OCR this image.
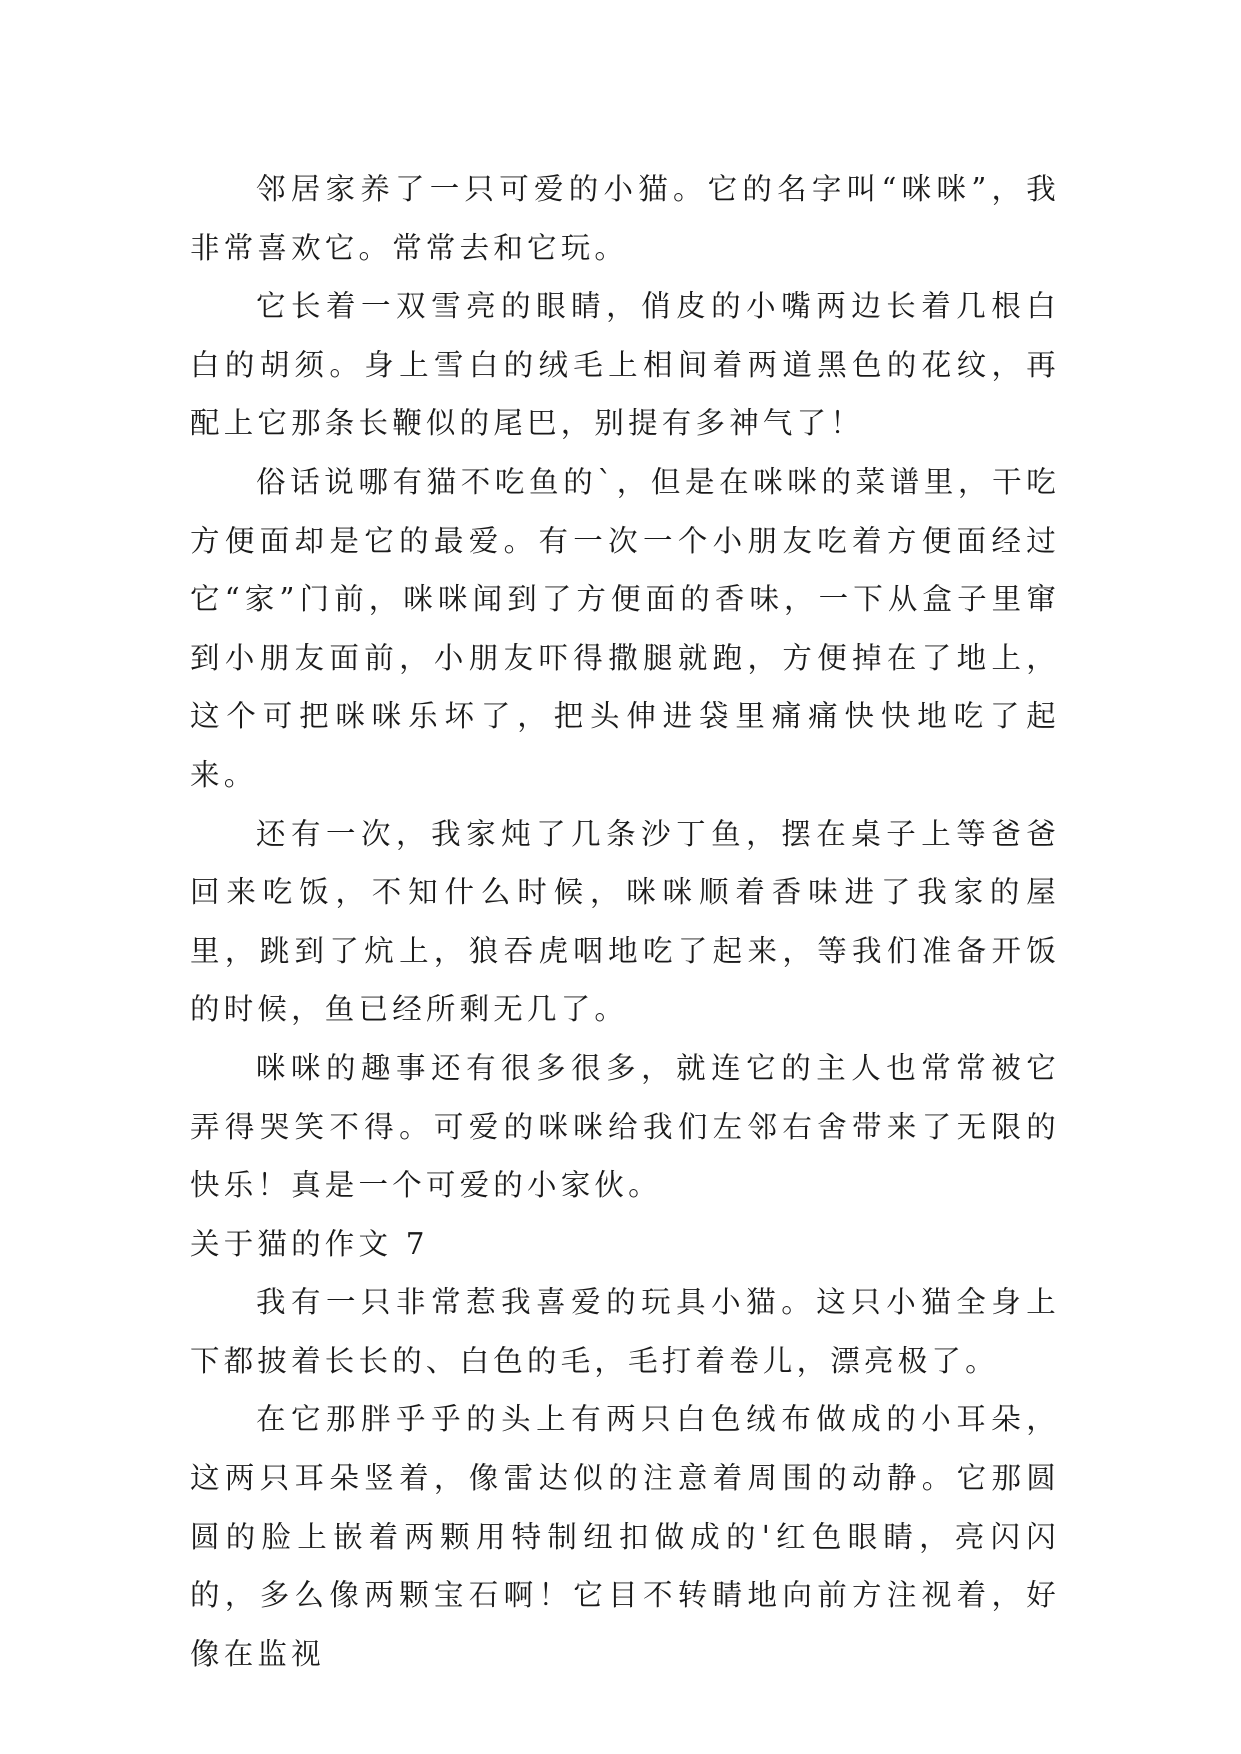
邻居家养了一只可爱的小猫。它的名字叫“咪咪”，我非常喜欢它。常常去和它玩。

它长着一双雪亮的眼睛，俏皮的小嘴两边长着几根白白的胡须。身上雪白的绒毛上相间着两道黑色的花纹，再配上它那条长鞭似的尾巴，别提有多神气了！

俗话说哪有猫不吃鱼的`，但是在咪咪的菜谱里，干吃方便面却是它的最爱。有一次一个小朋友吃着方便面经过它“家”门前，咪咪闻到了方便面的香味，一下从盒子里窜到小朋友面前，小朋友吓得撒腿就跑，方便掉在了地上，这个可把咪咪乐坏了，把头伸进袋里痛痛快快地吃了起来。

还有一次，我家炖了几条沙丁鱼，摆在桌子上等爸爸回来吃饭，不知什么时候，咪咪顺着香味进了我家的屋里，跳到了炕上，狼吞虎咽地吃了起来，等我们准备开饭的时候，鱼已经所剩无几了。

咪咪的趣事还有很多很多，就连它的主人也常常被它弄得哭笑不得。可爱的咪咪给我们左邻右舍带来了无限的快乐！真是一个可爱的小家伙。

关于猫的作文 7

我有一只非常惹我喜爱的玩具小猫。这只小猫全身上下都披着长长的、白色的毛，毛打着卷儿，漂亮极了。

在它那胖乎乎的头上有两只白色绒布做成的小耳朵，这两只耳朵竖着，像雷达似的注意着周围的动静。它那圆圆的脸上嵌着两颗用特制纽扣做成的'红色眼睛，亮闪闪的，多么像两颗宝石啊！它目不转睛地向前方注视着，好像在监视
